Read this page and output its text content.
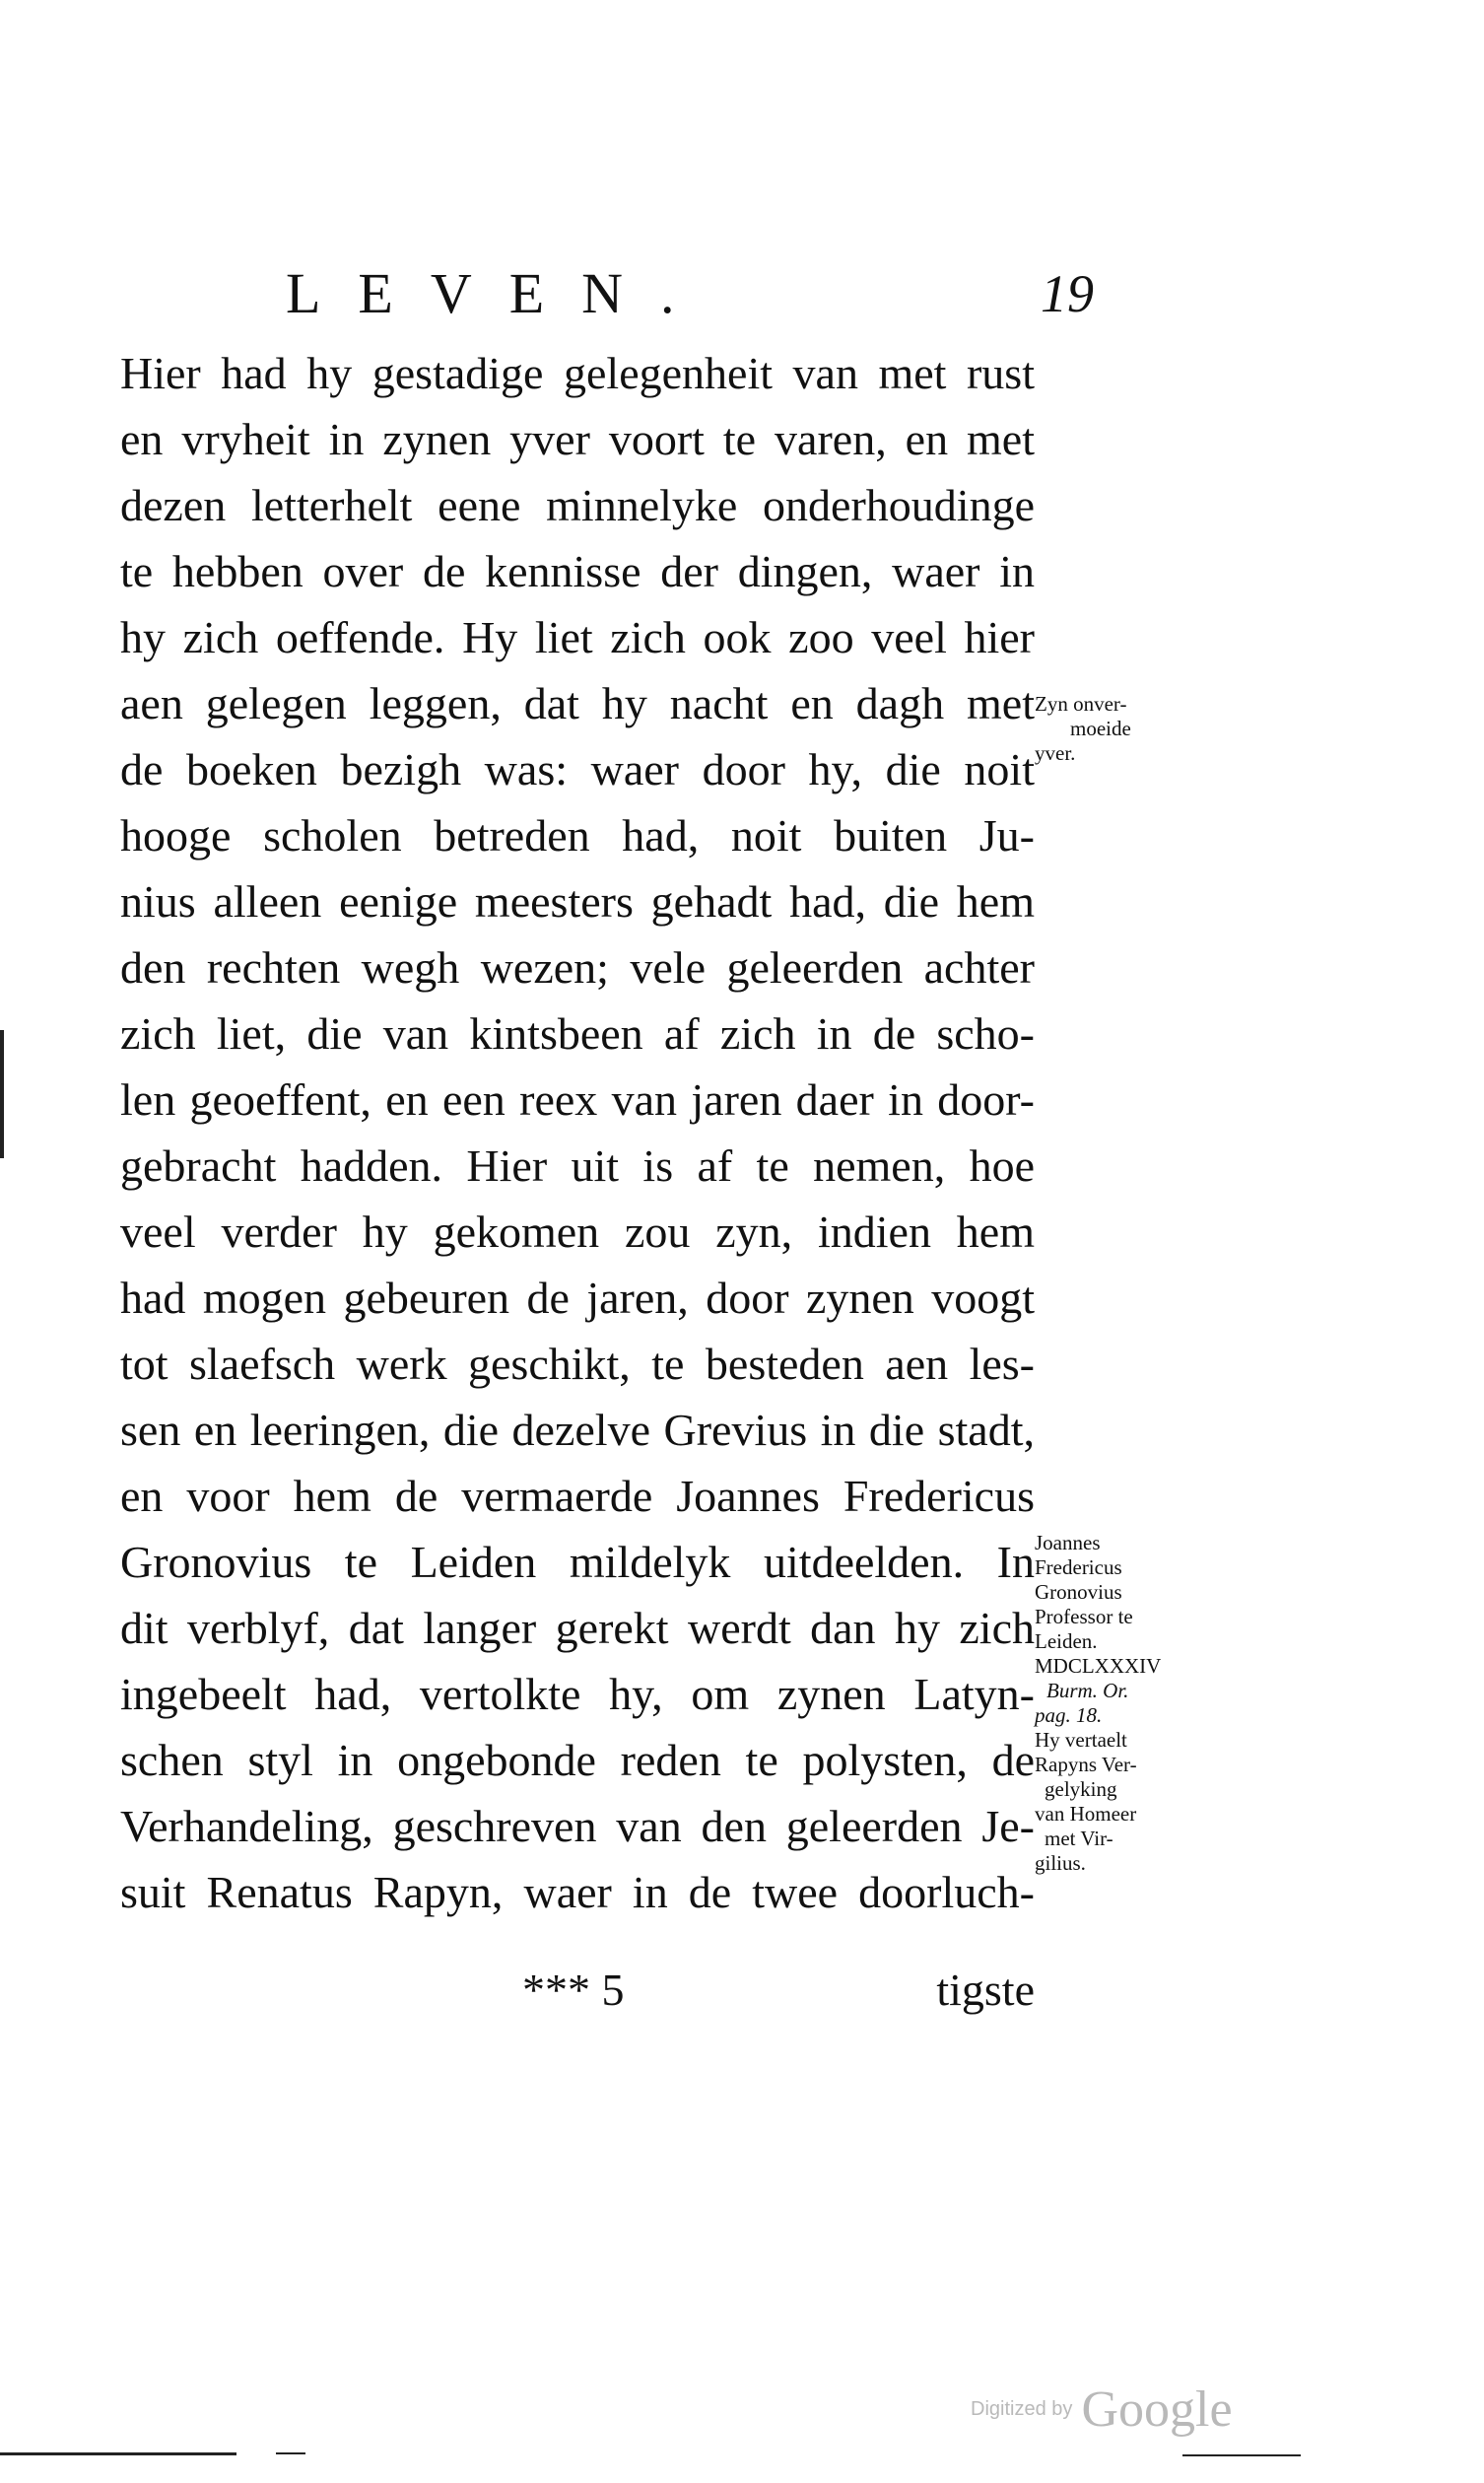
LEVEN.	19
Hier had hy gestadige gelegenheit van met rust
en vryheit in zynen yver voort te varen, en met
dezen letterhelt eene minnelyke onderhoudinge
te hebben over de kennisse der dingen, waer in
hy zich oeffende. Hy liet zich ook zoo veel hier
aen gelegen leggen, dat hy nacht en dagh met
de boeken bezigh was: waer door hy, die noit
hooge scholen betreden had, noit buiten Ju-
nius alleen eenige meesters gehadt had, die hem
den rechten wegh wezen; vele geleerden achter
zich liet, die van kintsbeen af zich in de scho-
len geoeffent, en een reex van jaren daer in door-
gebracht hadden. Hier uit is af te nemen, hoe
veel verder hy gekomen zou zyn, indien hem
had mogen gebeuren de jaren, door zynen voogt
tot slaefsch werk geschikt, te besteden aen les-
sen en leeringen, die dezelve Grevius in die stadt,
en voor hem de vermaerde Joannes Fredericus
Gronovius te Leiden mildelyk uitdeelden. In
dit verblyf, dat langer gerekt werdt dan hy zich
ingebeelt had, vertolkte hy, om zynen Latyn-
schen styl in ongebonde reden te polysten, de
Verhandeling, geschreven van den geleerden Je-
suit Renatus Rapyn, waer in de twee doorluch-
Zyn onver-
moeide
yver.
Joannes
Fredericus
Gronovius
Professor te
Leiden.
MDCLXXXIV
Burm. Or.
pag. 18.
Hy vertaelt
Rapyns Ver-
gelyking
van Homeer
met Vir-
gilius.
*** 5	tigste
Digitized by Google
